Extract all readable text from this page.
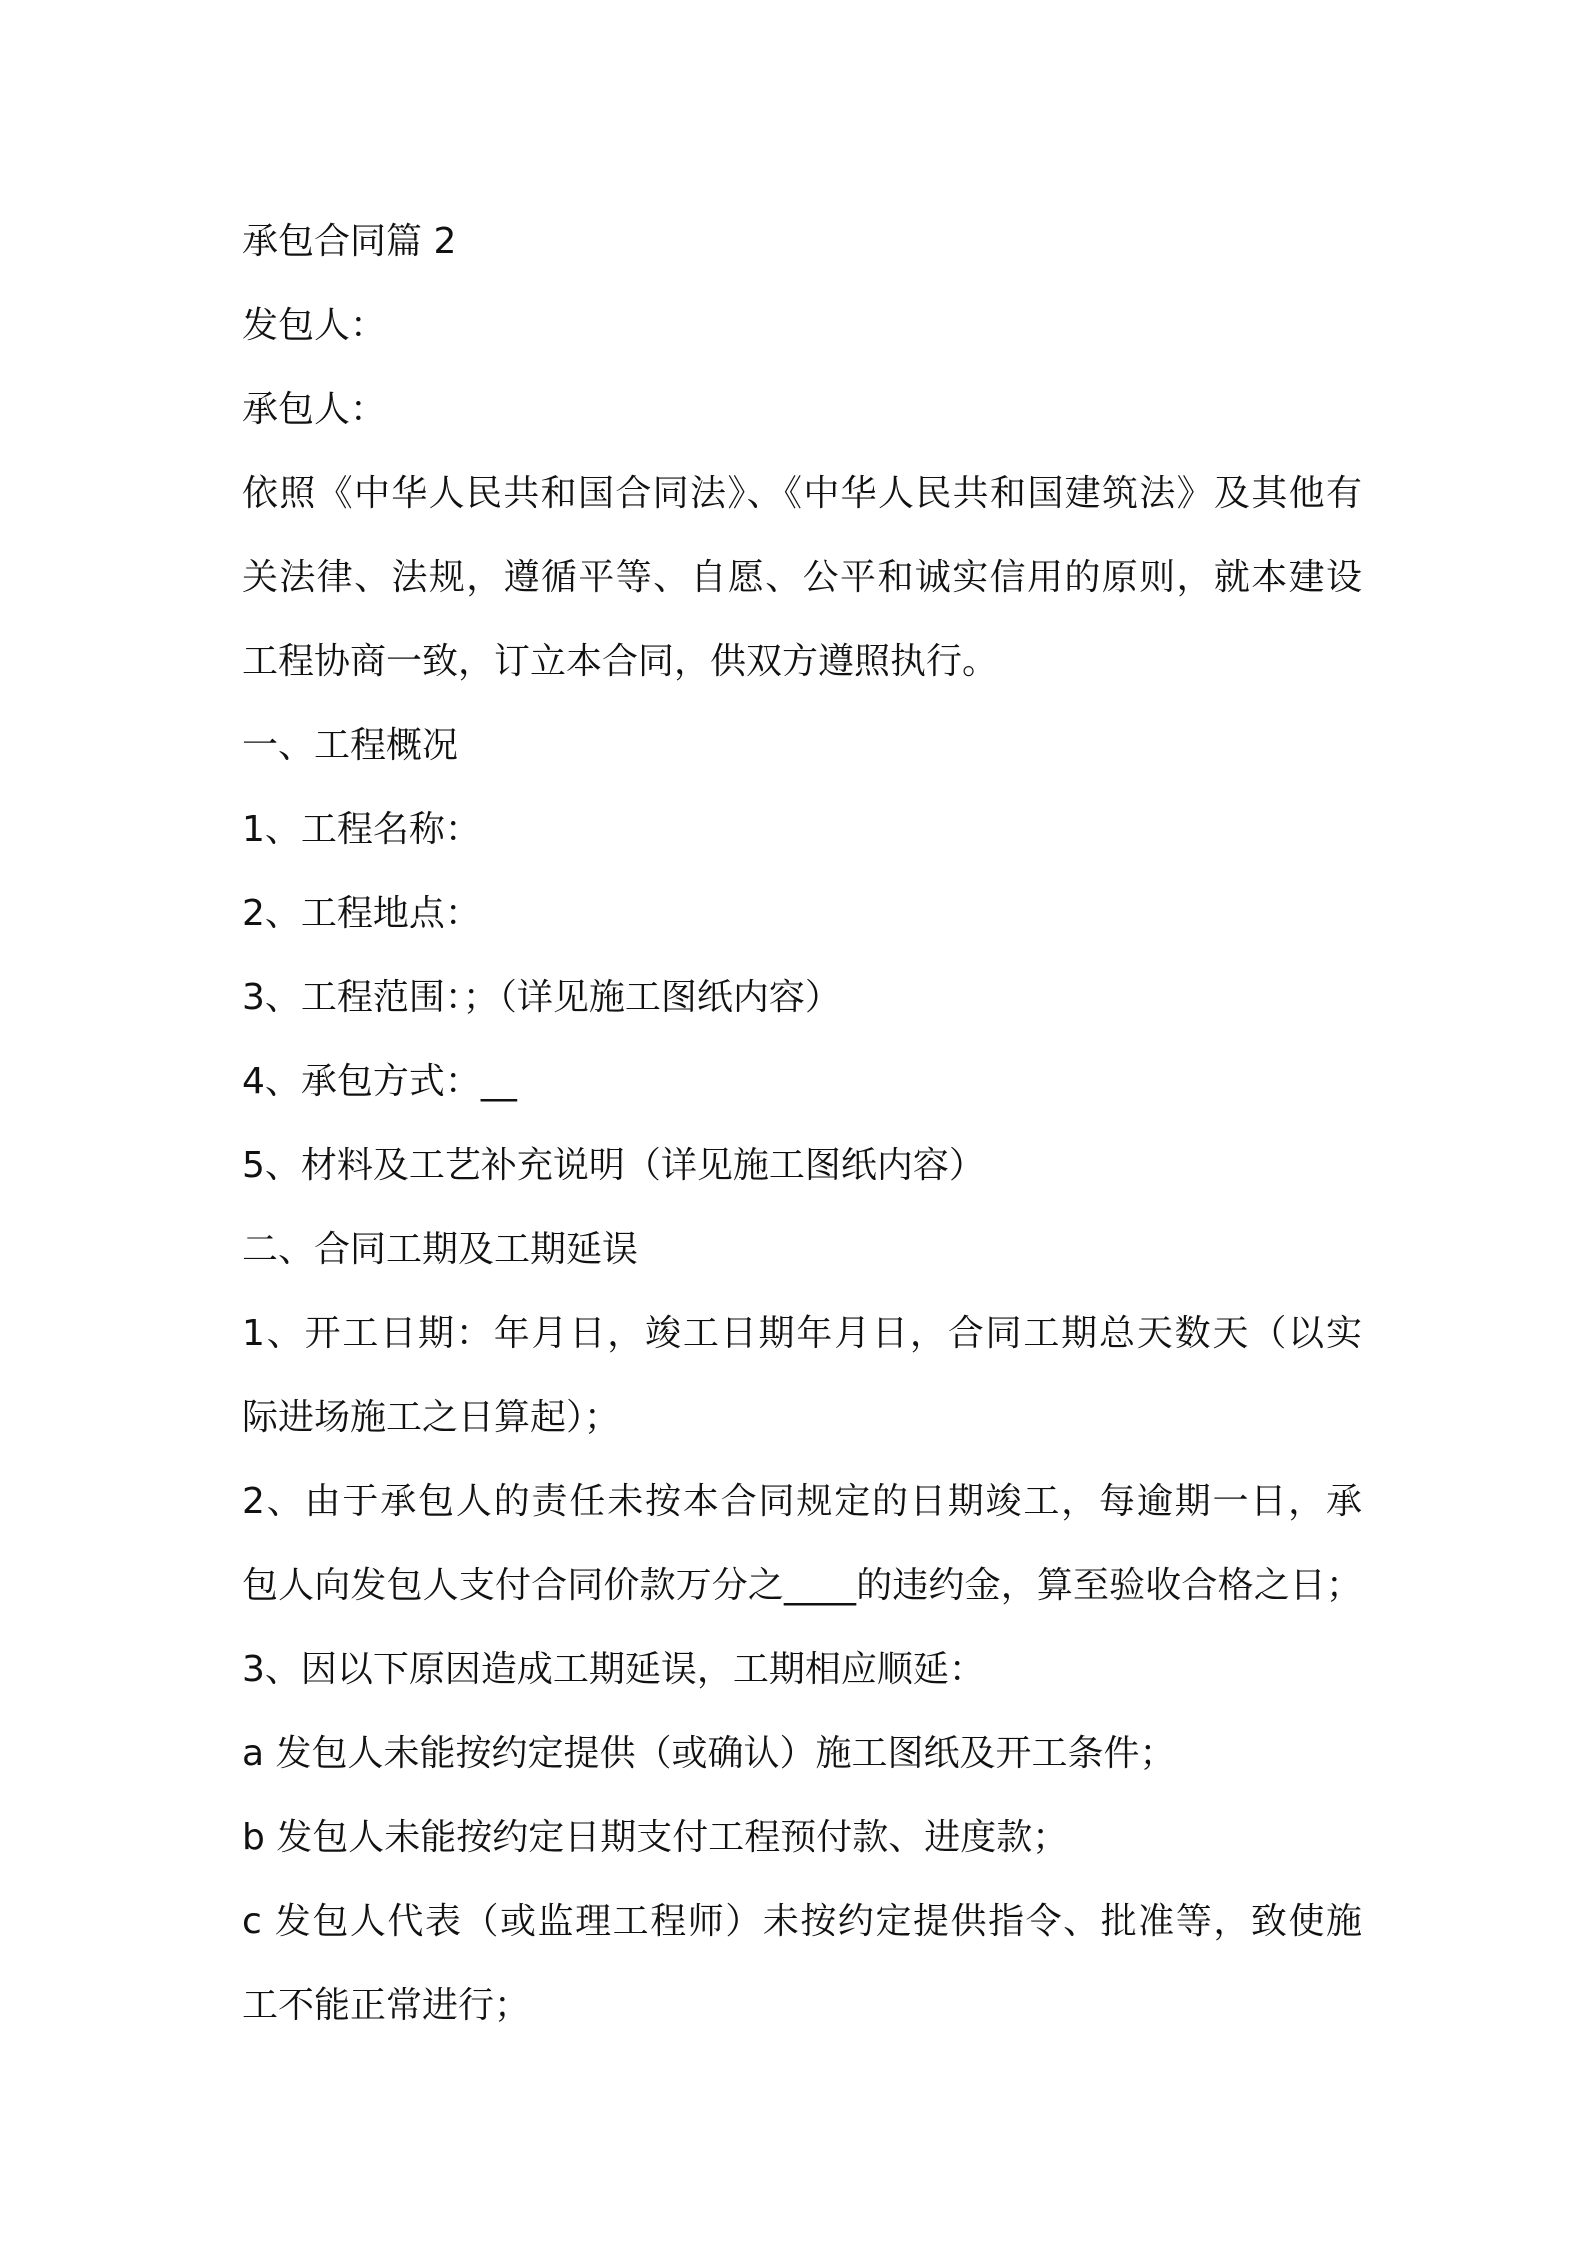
承包合同篇 2
发包人：
承包人：
依照《中华人民共和国合同法》、《中华人民共和国建筑法》及其他有
关法律、法规，遵循平等、自愿、公平和诚实信用的原则，就本建设
工程协商一致，订立本合同，供双方遵照执行。
一、工程概况
1、工程名称：
2、工程地点：
3、工程范围：；（详见施工图纸内容）
4、承包方式：__
5、材料及工艺补充说明（详见施工图纸内容）
二、合同工期及工期延误
1、开工日期：年月日，竣工日期年月日，合同工期总天数天（以实
际进场施工之日算起）；
2、由于承包人的责任未按本合同规定的日期竣工，每逾期一日，承
包人向发包人支付合同价款万分之____的违约金，算至验收合格之日；
3、因以下原因造成工期延误，工期相应顺延：
a 发包人未能按约定提供（或确认）施工图纸及开工条件；
b 发包人未能按约定日期支付工程预付款、进度款；
c 发包人代表（或监理工程师）未按约定提供指令、批准等，致使施
工不能正常进行；
